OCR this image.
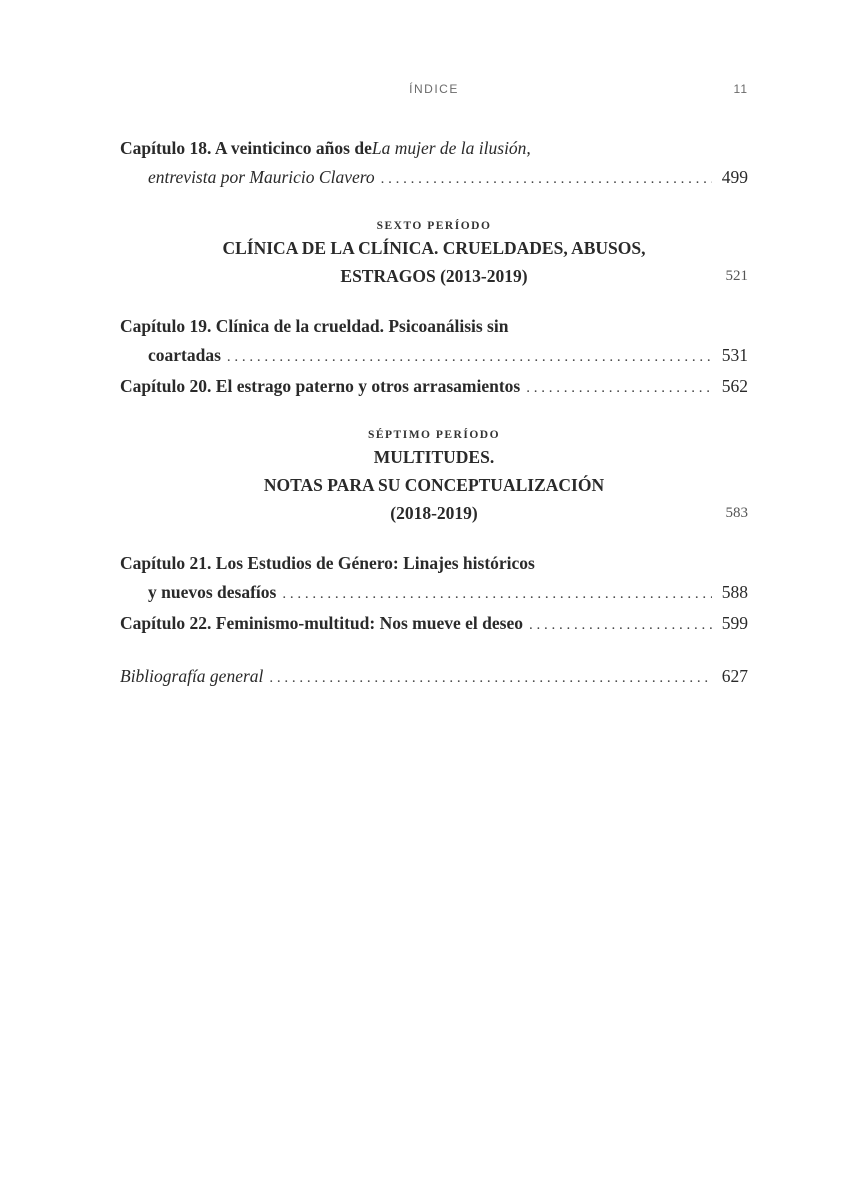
ÍNDICE	11
Capítulo 18. A veinticinco años de La mujer de la ilusión,
entrevista por Mauricio Clavero . . .	499
SEXTO PERÍODO
CLÍNICA DE LA CLÍNICA. CRUELDADES, ABUSOS,
ESTRAGOS (2013-2019)	521
Capítulo 19. Clínica de la crueldad. Psicoanálisis sin
coartadas . . .	531
Capítulo 20. El estrago paterno y otros arrasamientos . . .	562
SÉPTIMO PERÍODO
MULTITUDES.
NOTAS PARA SU CONCEPTUALIZACIÓN
(2018-2019)	583
Capítulo 21. Los Estudios de Género: Linajes históricos
y nuevos desafíos . . .	588
Capítulo 22. Feminismo-multitud: Nos mueve el deseo . . .	599
Bibliografía general . . .	627
